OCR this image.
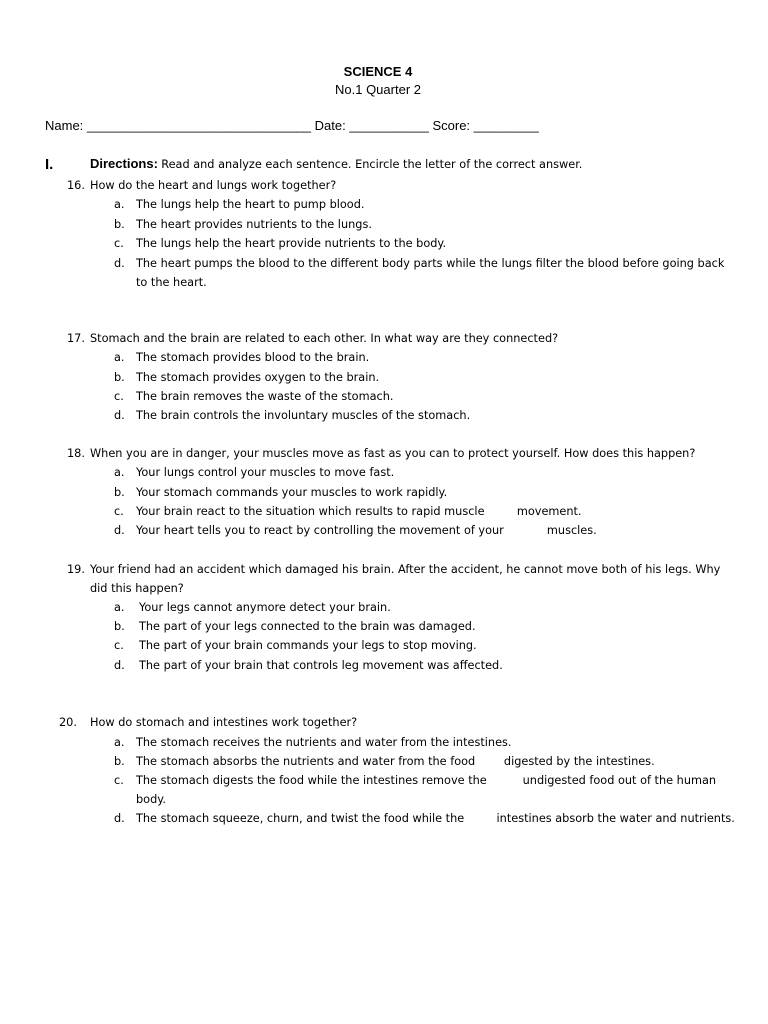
SCIENCE 4
No.1 Quarter 2
Name: _______________________________ Date: ___________ Score: _________
I.	Directions: Read and analyze each sentence. Encircle the letter of the correct answer.
16. How do the heart and lungs work together?
a. The lungs help the heart to pump blood.
b. The heart provides nutrients to the lungs.
c. The lungs help the heart provide nutrients to the body.
d. The heart pumps the blood to the different body parts while the lungs filter the blood before going back
to the heart.
17. Stomach and the brain are related to each other. In what way are they connected?
a. The stomach provides blood to the brain.
b. The stomach provides oxygen to the brain.
c. The brain removes the waste of the stomach.
d. The brain controls the involuntary muscles of the stomach.
18. When you are in danger, your muscles move as fast as you can to protect yourself. How does this happen?
a. Your lungs control your muscles to move fast.
b. Your stomach commands your muscles to work rapidly.
c. Your brain react to the situation which results to rapid muscle         movement.
d. Your heart tells you to react by controlling the movement of your            muscles.
19. Your friend had an accident which damaged his brain. After the accident, he cannot move both of his legs. Why
did this happen?
a. Your legs cannot anymore detect your brain.
b. The part of your legs connected to the brain was damaged.
c. The part of your brain commands your legs to stop moving.
d. The part of your brain that controls leg movement was affected.
20. How do stomach and intestines work together?
a. The stomach receives the nutrients and water from the intestines.
b. The stomach absorbs the nutrients and water from the food        digested by the intestines.
c. The stomach digests the food while the intestines remove the          undigested food out of the human
body.
d. The stomach squeeze, churn, and twist the food while the         intestines absorb the water and nutrients.
